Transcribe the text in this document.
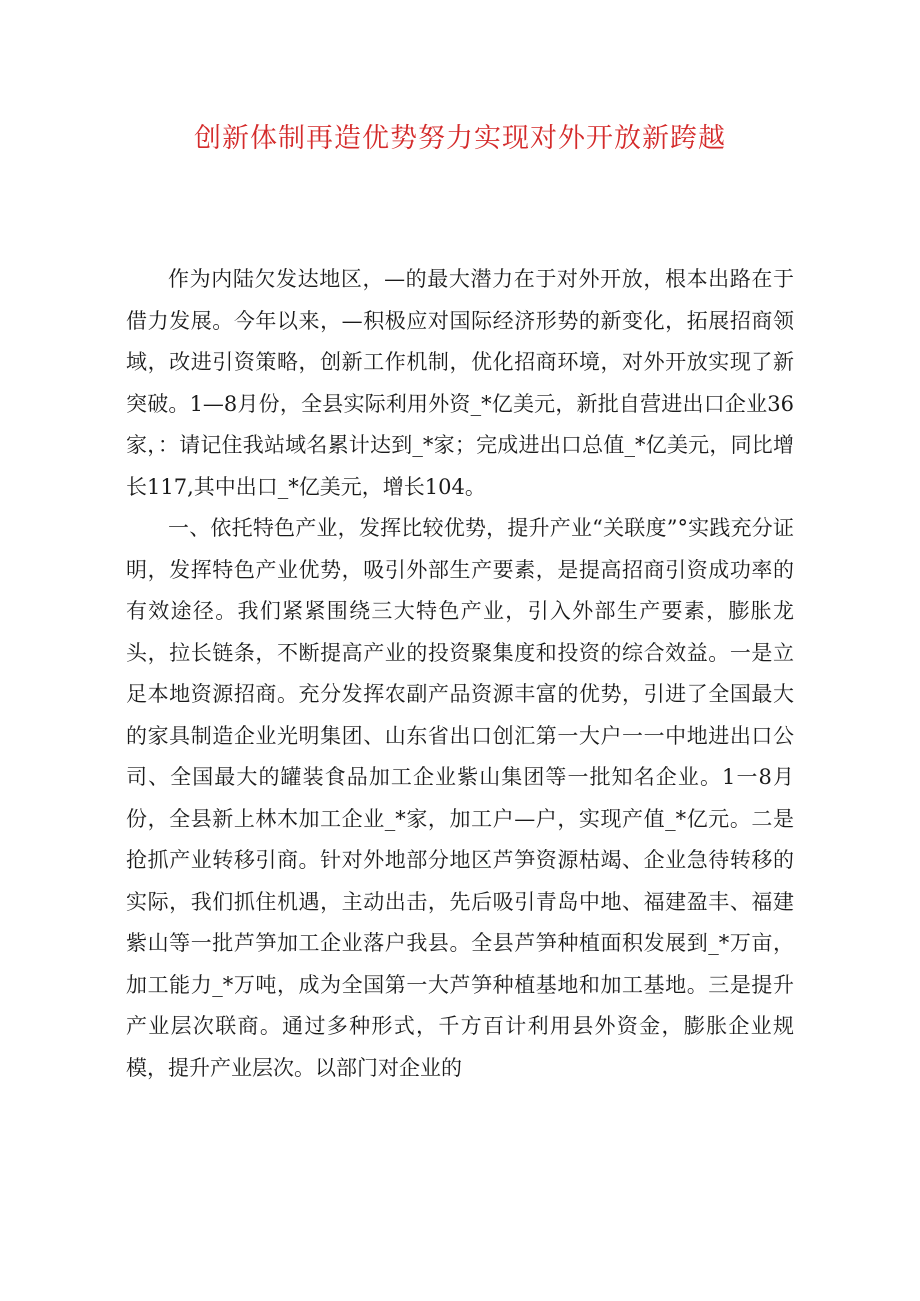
创新体制再造优势努力实现对外开放新跨越

作为内陆欠发达地区，—的最大潜力在于对外开放，根本出路在于借力发展。今年以来，—积极应对国际经济形势的新变化，拓展招商领域，改进引资策略，创新工作机制，优化招商环境，对外开放实现了新突破。1—8月份，全县实际利用外资_*亿美元，新批自营进出口企业36家，：请记住我站域名累计达到_*家；完成进出口总值_*亿美元，同比增长117,其中出口_*亿美元，增长104。

一、依托特色产业，发挥比较优势，提升产业“关联度”°实践充分证明，发挥特色产业优势，吸引外部生产要素，是提高招商引资成功率的有效途径。我们紧紧围绕三大特色产业，引入外部生产要素，膨胀龙头，拉长链条，不断提高产业的投资聚集度和投资的综合效益。一是立足本地资源招商。充分发挥农副产品资源丰富的优势，引进了全国最大的家具制造企业光明集团、山东省出口创汇第一大户一一中地进出口公司、全国最大的罐装食品加工企业紫山集团等一批知名企业。1一8月份，全县新上林木加工企业_*家，加工户—户，实现产值_*亿元。二是抢抓产业转移引商。针对外地部分地区芦笋资源枯竭、企业急待转移的实际，我们抓住机遇，主动出击，先后吸引青岛中地、福建盈丰、福建紫山等一批芦笋加工企业落户我县。全县芦笋种植面积发展到_*万亩，加工能力_*万吨，成为全国第一大芦笋种植基地和加工基地。三是提升产业层次联商。通过多种形式，千方百计利用县外资金，膨胀企业规模，提升产业层次。以部门对企业的
